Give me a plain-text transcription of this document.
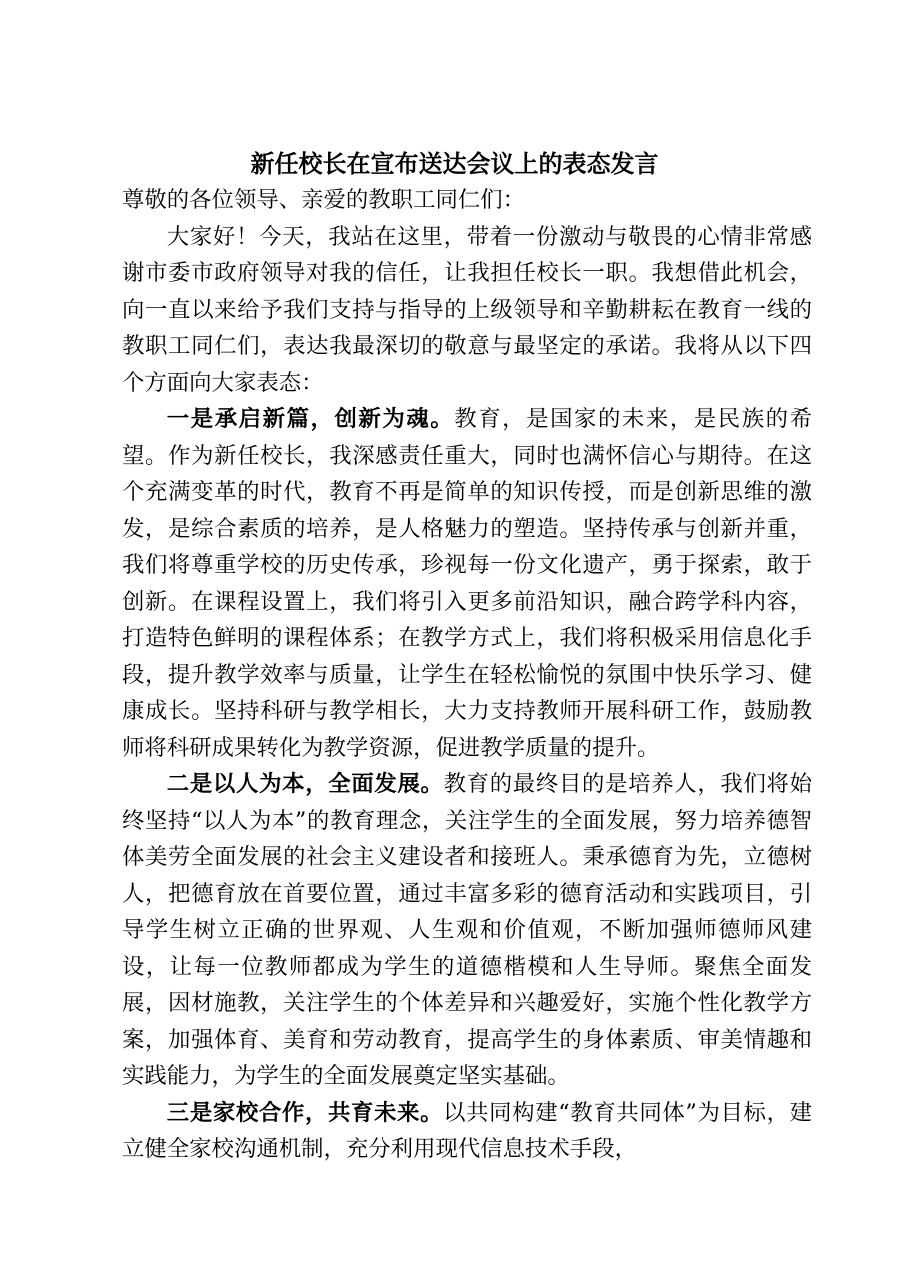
新任校长在宣布送达会议上的表态发言

尊敬的各位领导、亲爱的教职工同仁们：

大家好！今天，我站在这里，带着一份激动与敬畏的心情非常感谢市委市政府领导对我的信任，让我担任校长一职。我想借此机会，向一直以来给予我们支持与指导的上级领导和辛勤耕耘在教育一线的教职工同仁们，表达我最深切的敬意与最坚定的承诺。我将从以下四个方面向大家表态：

一是承启新篇，创新为魂。教育，是国家的未来，是民族的希望。作为新任校长，我深感责任重大，同时也满怀信心与期待。在这个充满变革的时代，教育不再是简单的知识传授，而是创新思维的激发，是综合素质的培养，是人格魅力的塑造。坚持传承与创新并重，我们将尊重学校的历史传承，珍视每一份文化遗产，勇于探索，敢于创新。在课程设置上，我们将引入更多前沿知识，融合跨学科内容，打造特色鲜明的课程体系；在教学方式上，我们将积极采用信息化手段，提升教学效率与质量，让学生在轻松愉悦的氛围中快乐学习、健康成长。坚持科研与教学相长，大力支持教师开展科研工作，鼓励教师将科研成果转化为教学资源，促进教学质量的提升。

二是以人为本，全面发展。教育的最终目的是培养人，我们将始终坚持“以人为本”的教育理念，关注学生的全面发展，努力培养德智体美劳全面发展的社会主义建设者和接班人。秉承德育为先，立德树人，把德育放在首要位置，通过丰富多彩的德育活动和实践项目，引导学生树立正确的世界观、人生观和价值观，不断加强师德师风建设，让每一位教师都成为学生的道德楷模和人生导师。聚焦全面发展，因材施教，关注学生的个体差异和兴趣爱好，实施个性化教学方案，加强体育、美育和劳动教育，提高学生的身体素质、审美情趣和实践能力，为学生的全面发展奠定坚实基础。

三是家校合作，共育未来。以共同构建“教育共同体”为目标，建立健全家校沟通机制，充分利用现代信息技术手段，
